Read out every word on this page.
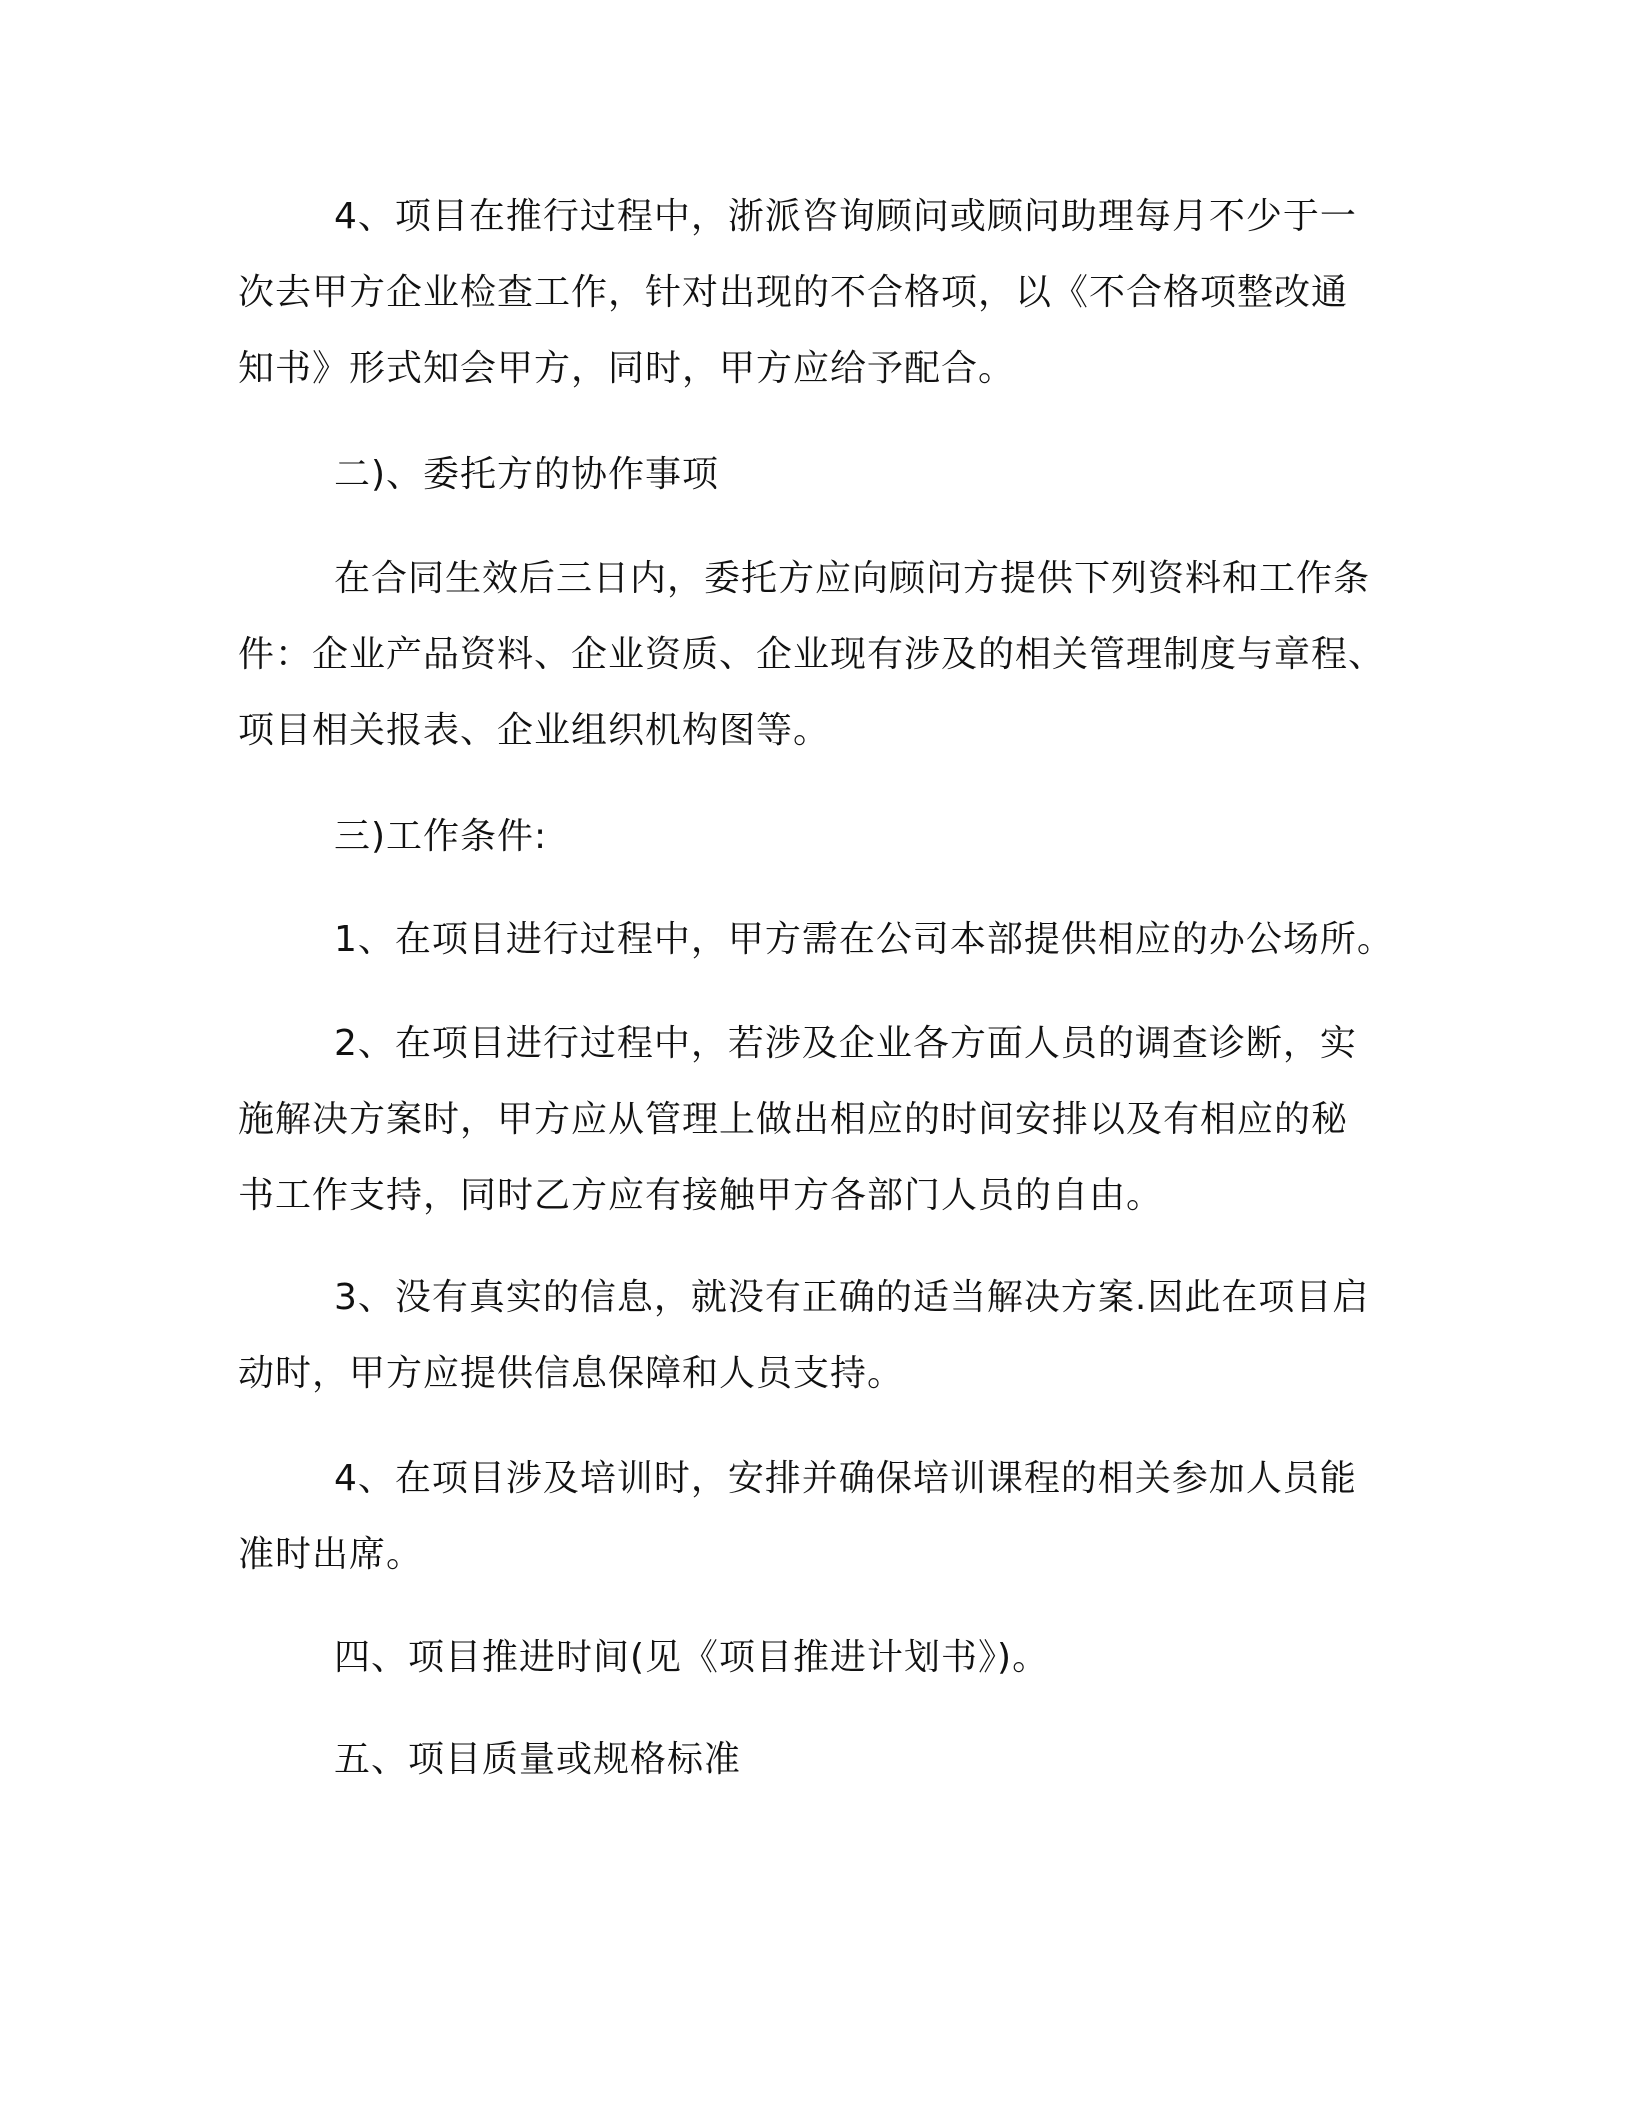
4、项目在推行过程中，浙派咨询顾问或顾问助理每月不少于一
次去甲方企业检查工作，针对出现的不合格项，以《不合格项整改通
知书》形式知会甲方，同时，甲方应给予配合。
二)、委托方的协作事项
在合同生效后三日内，委托方应向顾问方提供下列资料和工作条
件：企业产品资料、企业资质、企业现有涉及的相关管理制度与章程、
项目相关报表、企业组织机构图等。
三)工作条件:
1、在项目进行过程中，甲方需在公司本部提供相应的办公场所。
2、在项目进行过程中，若涉及企业各方面人员的调查诊断，实
施解决方案时，甲方应从管理上做出相应的时间安排以及有相应的秘
书工作支持，同时乙方应有接触甲方各部门人员的自由。
3、没有真实的信息，就没有正确的适当解决方案.因此在项目启
动时，甲方应提供信息保障和人员支持。
4、在项目涉及培训时，安排并确保培训课程的相关参加人员能
准时出席。
四、项目推进时间(见《项目推进计划书》)。
五、项目质量或规格标准
